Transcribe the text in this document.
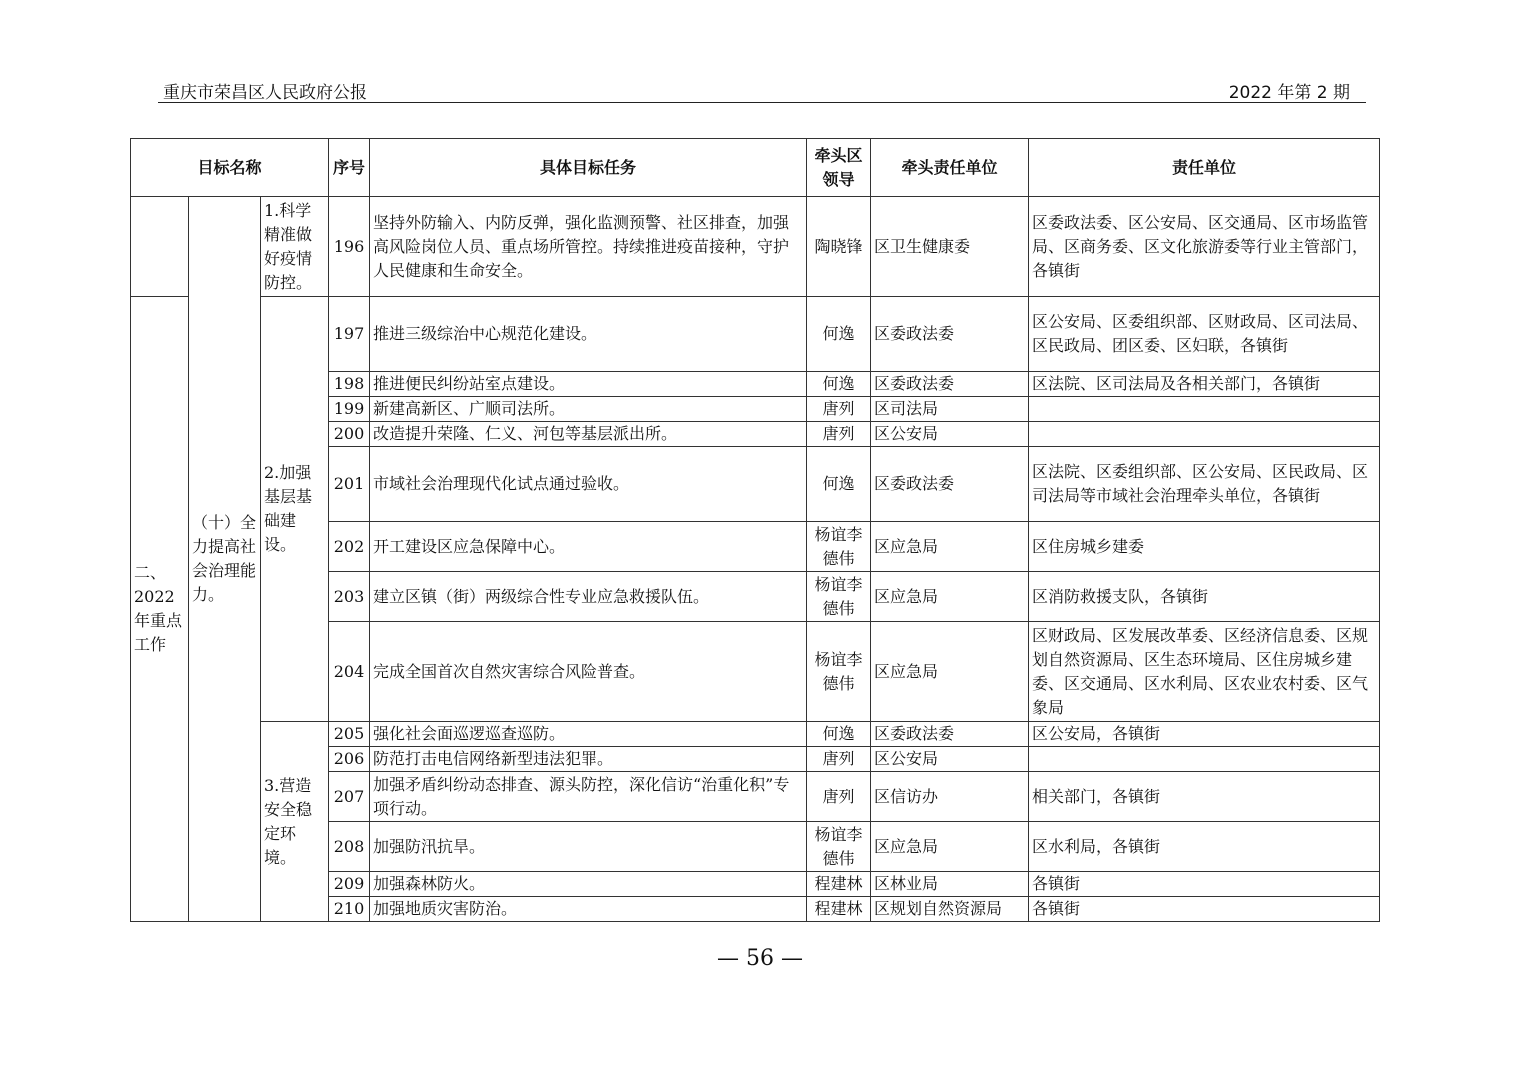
重庆市荣昌区人民政府公报	2022 年第 2 期
目标名称			序号	具体目标任务	牵头区领导	牵头责任单位	责任单位
	（十）全力提高社会治理能力。	1.科学精准做好疫情防控。	196	坚持外防输入、内防反弹，强化监测预警、社区排查，加强高风险岗位人员、重点场所管控。持续推进疫苗接种，守护人民健康和生命安全。	陶晓锋	区卫生健康委	区委政法委、区公安局、区交通局、区市场监管局、区商务委、区文化旅游委等行业主管部门，各镇街
二、2022年重点工作		2.加强基层基础建设。	197	推进三级综治中心规范化建设。	何逸	区委政法委	区公安局、区委组织部、区财政局、区司法局、区民政局、团区委、区妇联，各镇街
			198	推进便民纠纷站室点建设。	何逸	区委政法委	区法院、区司法局及各相关部门，各镇街
			199	新建高新区、广顺司法所。	唐列	区司法局	
			200	改造提升荣隆、仁义、河包等基层派出所。	唐列	区公安局	
			201	市域社会治理现代化试点通过验收。	何逸	区委政法委	区法院、区委组织部、区公安局、区民政局、区司法局等市域社会治理牵头单位，各镇街
			202	开工建设区应急保障中心。	杨谊李德伟	区应急局	区住房城乡建委
			203	建立区镇（街）两级综合性专业应急救援队伍。	杨谊李德伟	区应急局	区消防救援支队，各镇街
			204	完成全国首次自然灾害综合风险普查。	杨谊李德伟	区应急局	区财政局、区发展改革委、区经济信息委、区规划自然资源局、区生态环境局、区住房城乡建委、区交通局、区水利局、区农业农村委、区气象局
		3.营造安全稳定环境。	205	强化社会面巡逻巡查巡防。	何逸	区委政法委	区公安局，各镇街
			206	防范打击电信网络新型违法犯罪。	唐列	区公安局	
			207	加强矛盾纠纷动态排查、源头防控，深化信访“治重化积”专项行动。	唐列	区信访办	相关部门，各镇街
			208	加强防汛抗旱。	杨谊李德伟	区应急局	区水利局，各镇街
			209	加强森林防火。	程建林	区林业局	各镇街
			210	加强地质灾害防治。	程建林	区规划自然资源局	各镇街
— 56 —
